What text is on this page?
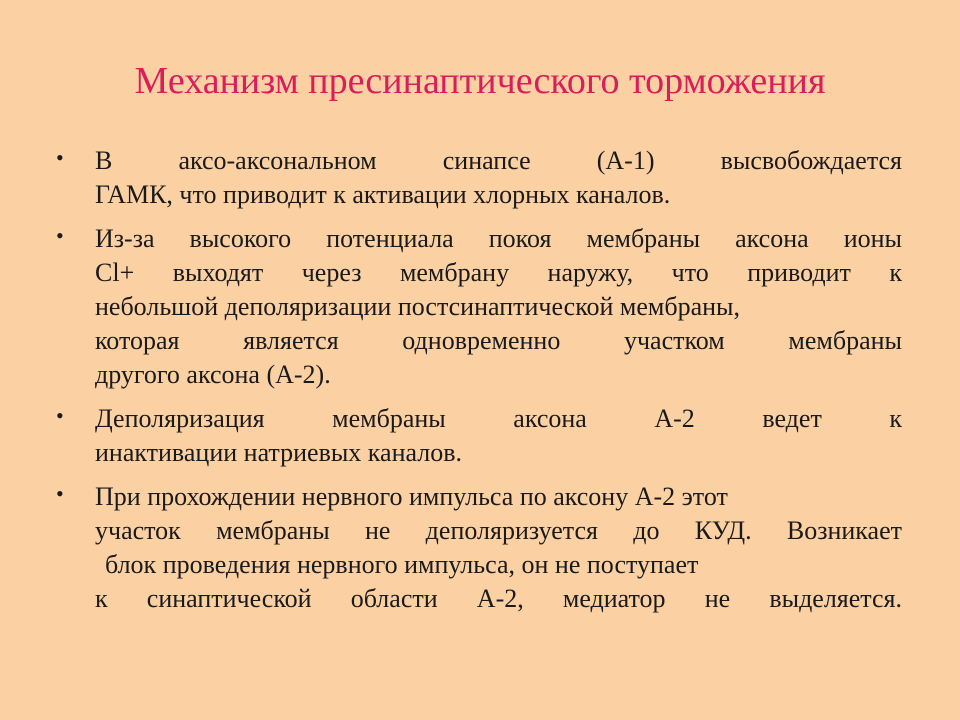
Механизм пресинаптического торможения
• В аксо-аксональном синапсе (А-1) высвобождается
ГАМК, что приводит к активации хлорных каналов.
• Из-за высокого потенциала покоя мембраны аксона ионы
Cl+ выходят через мембрану наружу, что приводит к
небольшой деполяризации постсинаптической мембраны,
которая является одновременно участком мембраны
другого аксона (А-2).
• Деполяризация мембраны аксона А-2 ведет к
инактивации натриевых каналов.
• При прохождении нервного импульса по аксону А-2 этот
участок мембраны не деполяризуется до КУД. Возникает
блок проведения нервного импульса, он не поступает
к синаптической области А-2, медиатор не выделяется.
